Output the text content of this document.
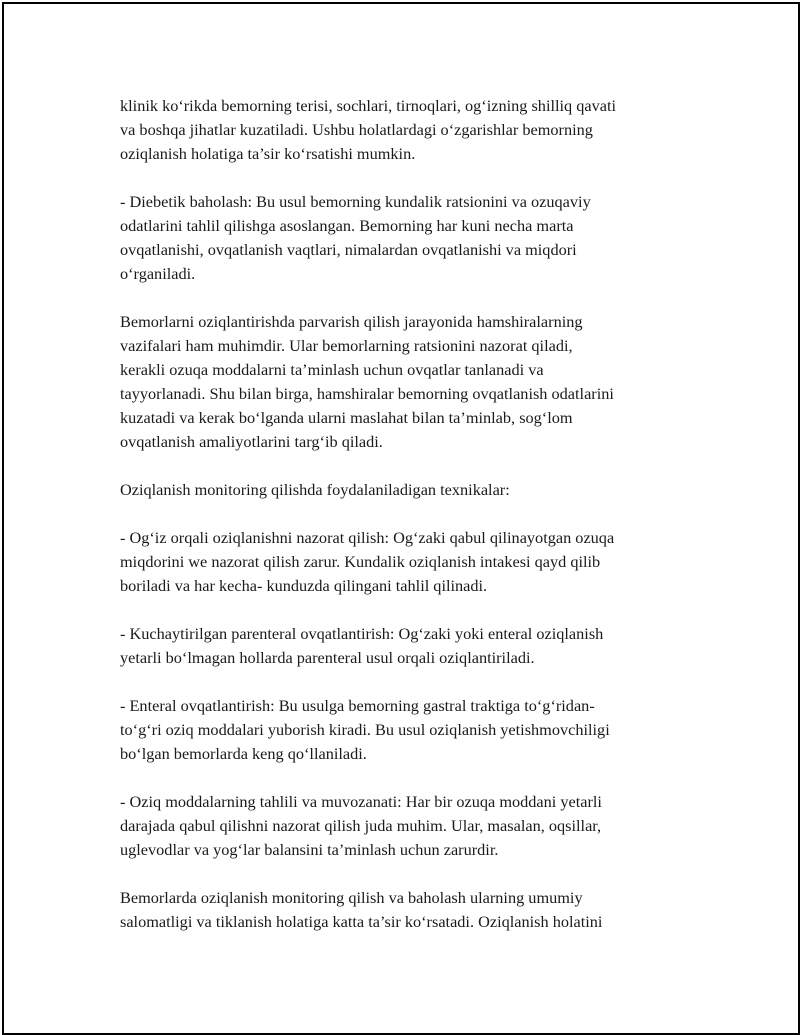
klinik ko‘rikda bemorning terisi, sochlari, tirnoqlari, og‘izning shilliq qavati
va boshqa jihatlar kuzatiladi. Ushbu holatlardagi o‘zgarishlar bemorning
oziqlanish holatiga ta’sir ko‘rsatishi mumkin.

- Diebetik baholash: Bu usul bemorning kundalik ratsionini va ozuqaviy
odatlarini tahlil qilishga asoslangan. Bemorning har kuni necha marta
ovqatlanishi, ovqatlanish vaqtlari, nimalardan ovqatlanishi va miqdori
o‘rganiladi.

Bemorlarni oziqlantirishda parvarish qilish jarayonida hamshiralarning
vazifalari ham muhimdir. Ular bemorlarning ratsionini nazorat qiladi,
kerakli ozuqa moddalarni ta’minlash uchun ovqatlar tanlanadi va
tayyorlanadi. Shu bilan birga, hamshiralar bemorning ovqatlanish odatlarini
kuzatadi va kerak bo‘lganda ularni maslahat bilan ta’minlab, sog‘lom
ovqatlanish amaliyotlarini targ‘ib qiladi.

Oziqlanish monitoring qilishda foydalaniladigan texnikalar:

- Og‘iz orqali oziqlanishni nazorat qilish: Og‘zaki qabul qilinayotgan ozuqa
miqdorini we nazorat qilish zarur. Kundalik oziqlanish intakesi qayd qilib
boriladi va har kecha- kunduzda qilingani tahlil qilinadi.

- Kuchaytirilgan parenteral ovqatlantirish: Og‘zaki yoki enteral oziqlanish
yetarli bo‘lmagan hollarda parenteral usul orqali oziqlantiriladi.

- Enteral ovqatlantirish: Bu usulga bemorning gastral traktiga to‘g‘ridan-
to‘g‘ri oziq moddalari yuborish kiradi. Bu usul oziqlanish yetishmovchiligi
bo‘lgan bemorlarda keng qo‘llaniladi.

- Oziq moddalarning tahlili va muvozanati: Har bir ozuqa moddani yetarli
darajada qabul qilishni nazorat qilish juda muhim. Ular, masalan, oqsillar,
uglevodlar va yog‘lar balansini ta’minlash uchun zarurdir.

Bemorlarda oziqlanish monitoring qilish va baholash ularning umumiy
salomatligi va tiklanish holatiga katta ta’sir ko‘rsatadi. Oziqlanish holatini
